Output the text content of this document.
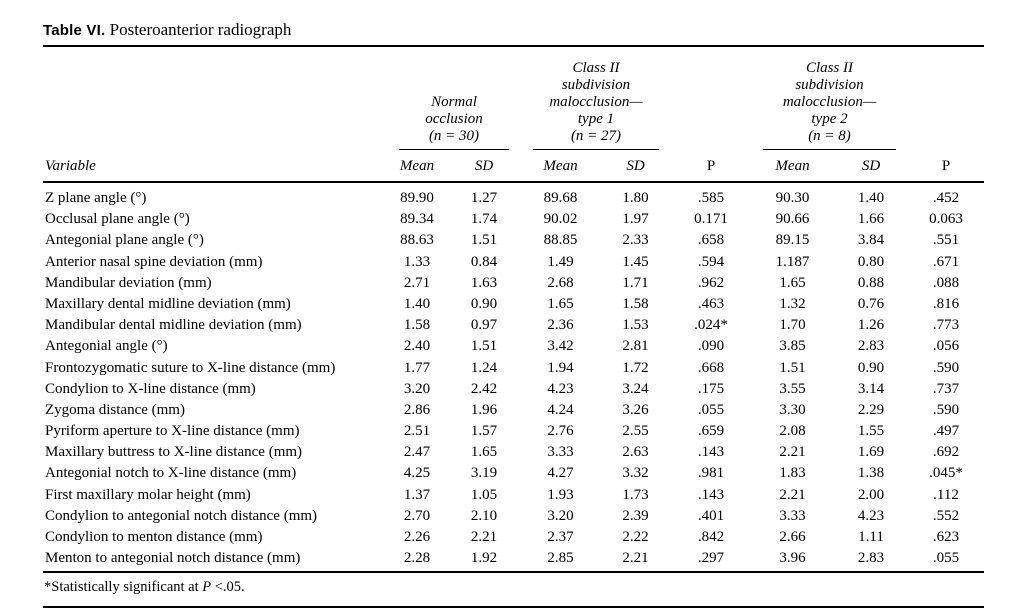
Table VI. Posteroanterior radiograph

	Normal
occlusion
(n = 30)		Class II
subdivision
malocclusion—
type 1
(n = 27)			Class II
subdivision
malocclusion—
type 2
(n = 8)		

Variable	Mean	SD	Mean	SD	P	Mean	SD	P
Z plane angle (°)	89.90	1.27	89.68	1.80	.585	90.30	1.40	.452
Occlusal plane angle (°)	89.34	1.74	90.02	1.97	0.171	90.66	1.66	0.063
Antegonial plane angle (°)	88.63	1.51	88.85	2.33	.658	89.15	3.84	.551
Anterior nasal spine deviation (mm)	1.33	0.84	1.49	1.45	.594	1.187	0.80	.671
Mandibular deviation (mm)	2.71	1.63	2.68	1.71	.962	1.65	0.88	.088
Maxillary dental midline deviation (mm)	1.40	0.90	1.65	1.58	.463	1.32	0.76	.816
Mandibular dental midline deviation (mm)	1.58	0.97	2.36	1.53	.024*	1.70	1.26	.773
Antegonial angle (°)	2.40	1.51	3.42	2.81	.090	3.85	2.83	.056
Frontozygomatic suture to X-line distance (mm)	1.77	1.24	1.94	1.72	.668	1.51	0.90	.590
Condylion to X-line distance (mm)	3.20	2.42	4.23	3.24	.175	3.55	3.14	.737
Zygoma distance (mm)	2.86	1.96	4.24	3.26	.055	3.30	2.29	.590
Pyriform aperture to X-line distance (mm)	2.51	1.57	2.76	2.55	.659	2.08	1.55	.497
Maxillary buttress to X-line distance (mm)	2.47	1.65	3.33	2.63	.143	2.21	1.69	.692
Antegonial notch to X-line distance (mm)	4.25	3.19	4.27	3.32	.981	1.83	1.38	.045*
First maxillary molar height (mm)	1.37	1.05	1.93	1.73	.143	2.21	2.00	.112
Condylion to antegonial notch distance (mm)	2.70	2.10	3.20	2.39	.401	3.33	4.23	.552
Condylion to menton distance (mm)	2.26	2.21	2.37	2.22	.842	2.66	1.11	.623
Menton to antegonial notch distance (mm)	2.28	1.92	2.85	2.21	.297	3.96	2.83	.055
*Statistically significant at P <.05.
